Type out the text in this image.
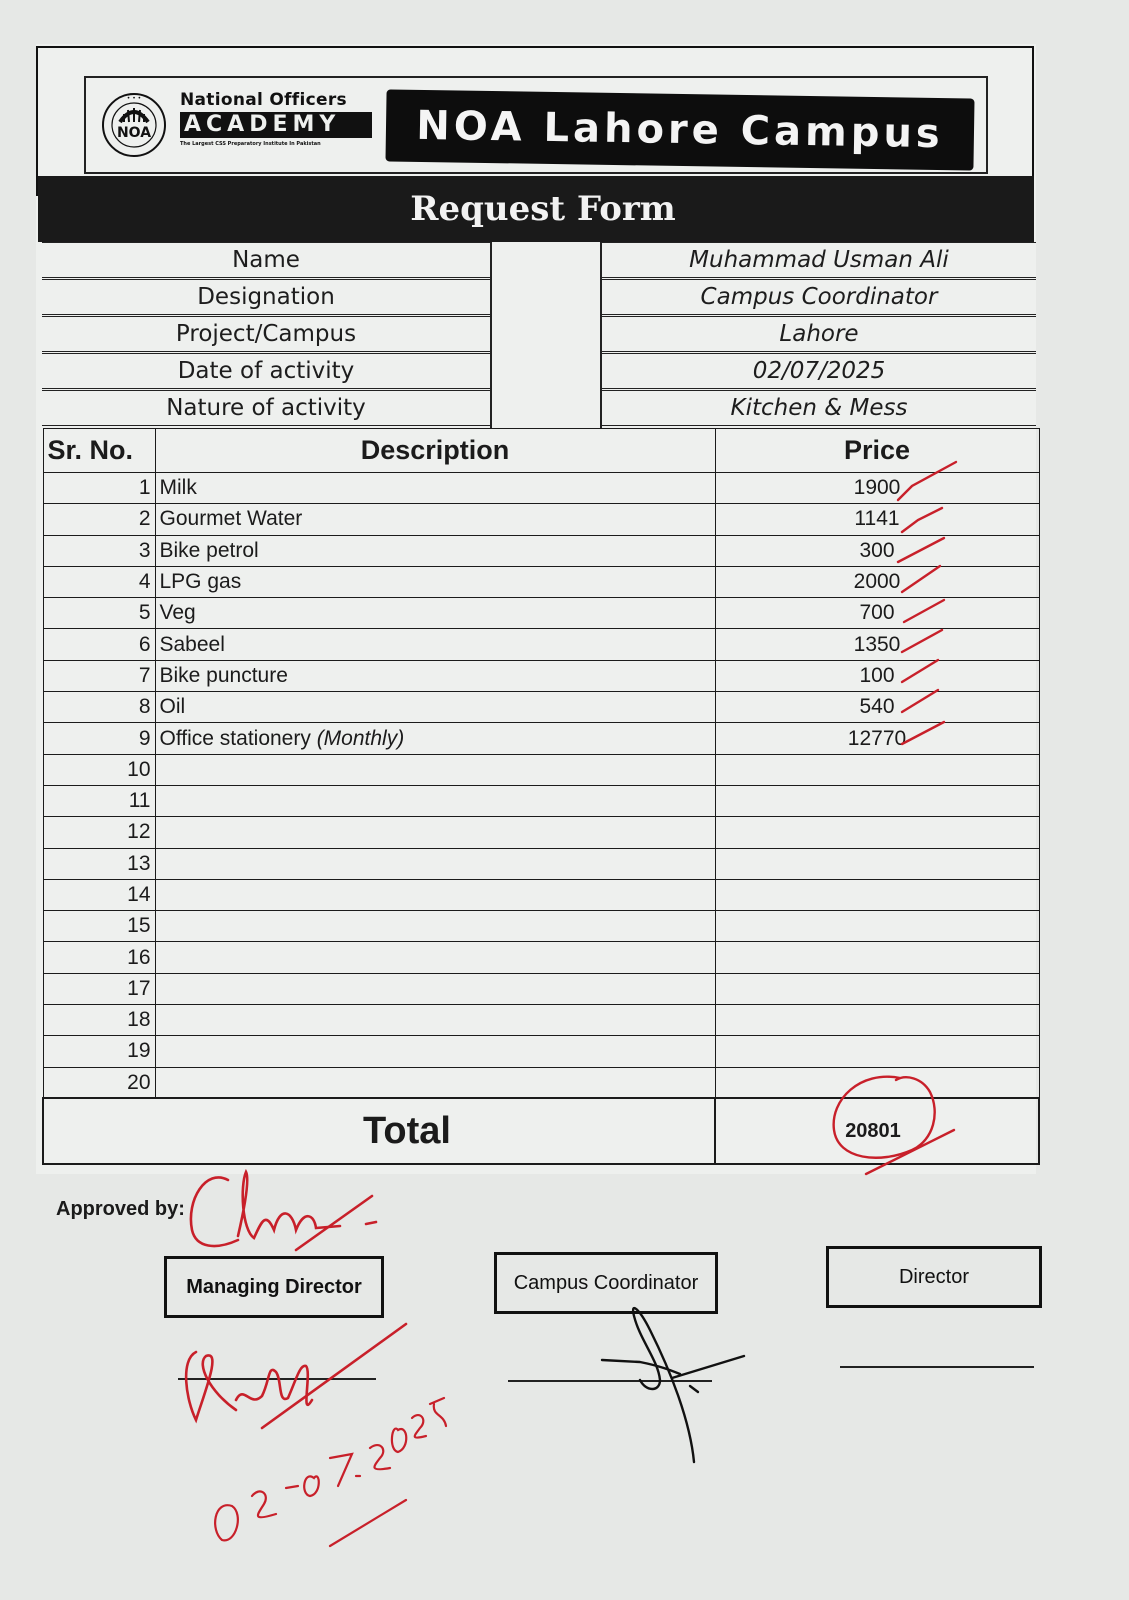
NOA
• • • National Officers
ACADEMY
The Largest CSS Preparatory Institute In Pakistan	NOA Lahore Campus
Request Form
Name	Muhammad Usman Ali
Designation	Campus Coordinator
Project/Campus	Lahore
Date of activity	02/07/2025
Nature of activity	Kitchen & Mess
Sr. No.	Description	Price
1	Milk	1900
2	Gourmet Water	1141
3	Bike petrol	300
4	LPG gas	2000
5	Veg	700
6	Sabeel	1350
7	Bike puncture	100
8	Oil	540
9	Office stationery (Monthly)	12770
10		
11		
12		
13		
14		
15		
16		
17		
18		
19		
20		
Total		20801
Approved by:
Managing Director	Campus Coordinator	Director
